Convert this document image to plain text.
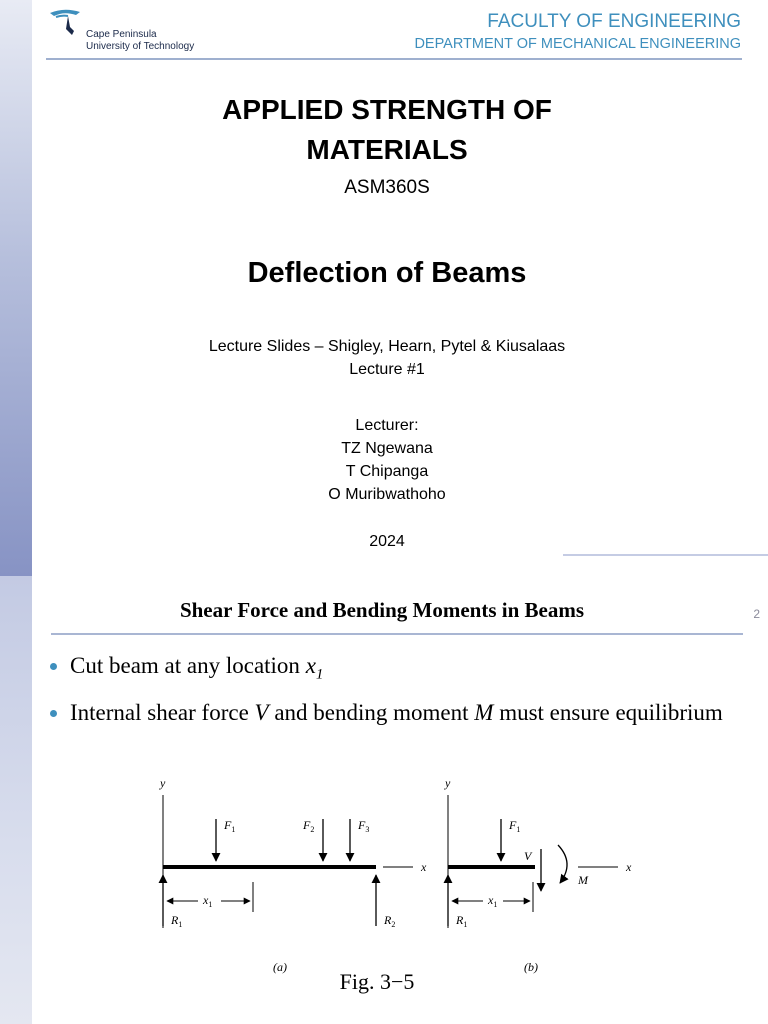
Cape Peninsula
University of Technology
FACULTY OF ENGINEERING
DEPARTMENT OF MECHANICAL ENGINEERING
APPLIED STRENGTH OF
MATERIALS
ASM360S
Deflection of Beams
Lecture Slides – Shigley, Hearn, Pytel & Kiusalaas
Lecture #1
Lecturer:
TZ Ngewana
T Chipanga
O Muribwathoho
2024
Shear Force and Bending Moments in Beams	2
Cut beam at any location $x_1$
Internal shear force V and bending moment M must ensure equilibrium
y
x
$F_1$	$F_2$	$F_3$
$R_1$	$R_2$
$x_1$
(a)
y
x
$F_1$
$R_1$
V
M
$x_1$
(b)
Fig. 3−5
